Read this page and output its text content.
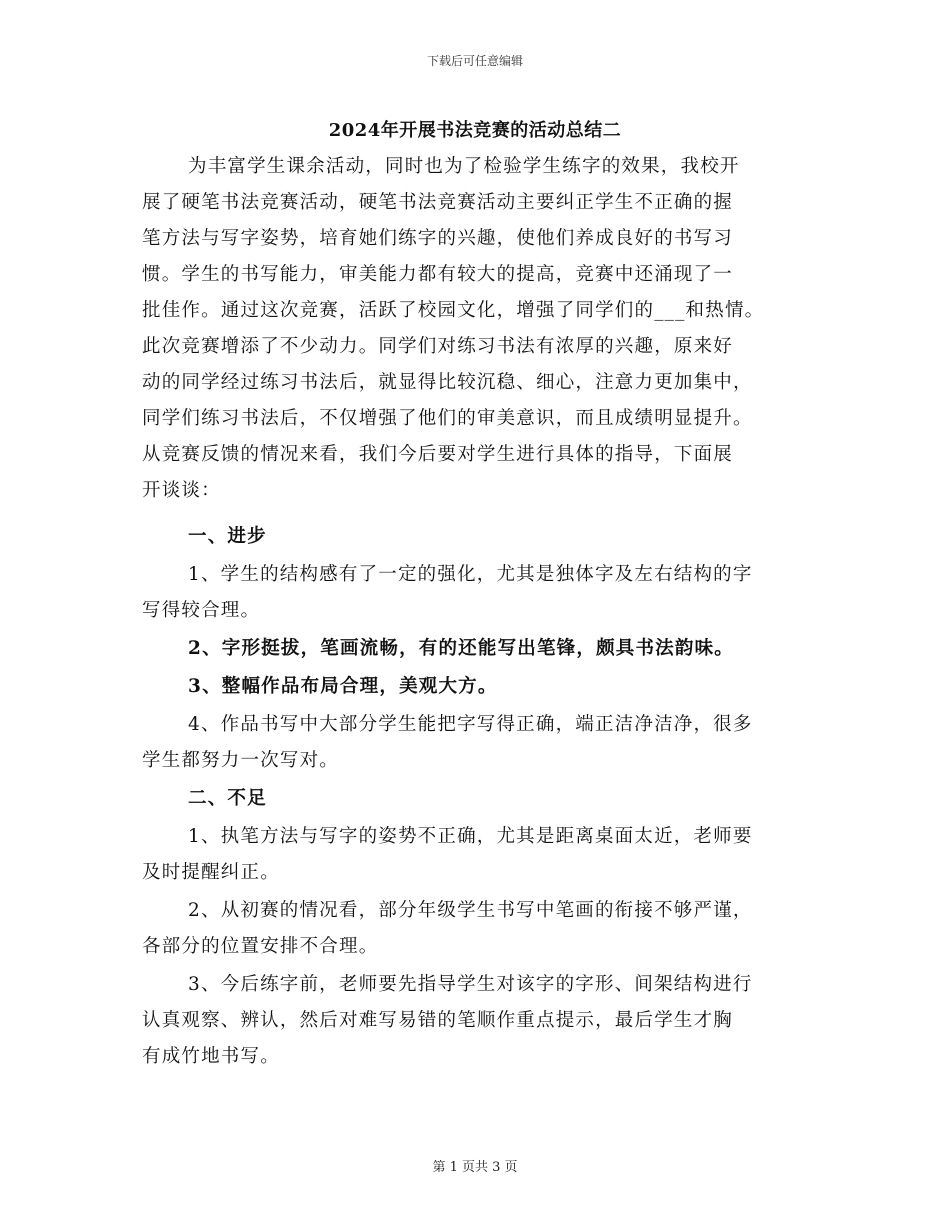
下载后可任意编辑
2024年开展书法竞赛的活动总结二
为丰富学生课余活动，同时也为了检验学生练字的效果，我校开
展了硬笔书法竞赛活动，硬笔书法竞赛活动主要纠正学生不正确的握
笔方法与写字姿势，培育她们练字的兴趣，使他们养成良好的书写习
惯。学生的书写能力，审美能力都有较大的提高，竞赛中还涌现了一
批佳作。通过这次竞赛，活跃了校园文化，增强了同学们的___和热情。
此次竞赛增添了不少动力。同学们对练习书法有浓厚的兴趣，原来好
动的同学经过练习书法后，就显得比较沉稳、细心，注意力更加集中，
同学们练习书法后，不仅增强了他们的审美意识，而且成绩明显提升。
从竞赛反馈的情况来看，我们今后要对学生进行具体的指导，下面展
开谈谈：
一、进步
1、学生的结构感有了一定的强化，尤其是独体字及左右结构的字
写得较合理。
2、字形挺拔，笔画流畅，有的还能写出笔锋，颇具书法韵味。
3、整幅作品布局合理，美观大方。
4、作品书写中大部分学生能把字写得正确，端正洁净洁净，很多
学生都努力一次写对。
二、不足
1、执笔方法与写字的姿势不正确，尤其是距离桌面太近，老师要
及时提醒纠正。
2、从初赛的情况看，部分年级学生书写中笔画的衔接不够严谨，
各部分的位置安排不合理。
3、今后练字前，老师要先指导学生对该字的字形、间架结构进行
认真观察、辨认，然后对难写易错的笔顺作重点提示，最后学生才胸
有成竹地书写。
第 1 页共 3 页
